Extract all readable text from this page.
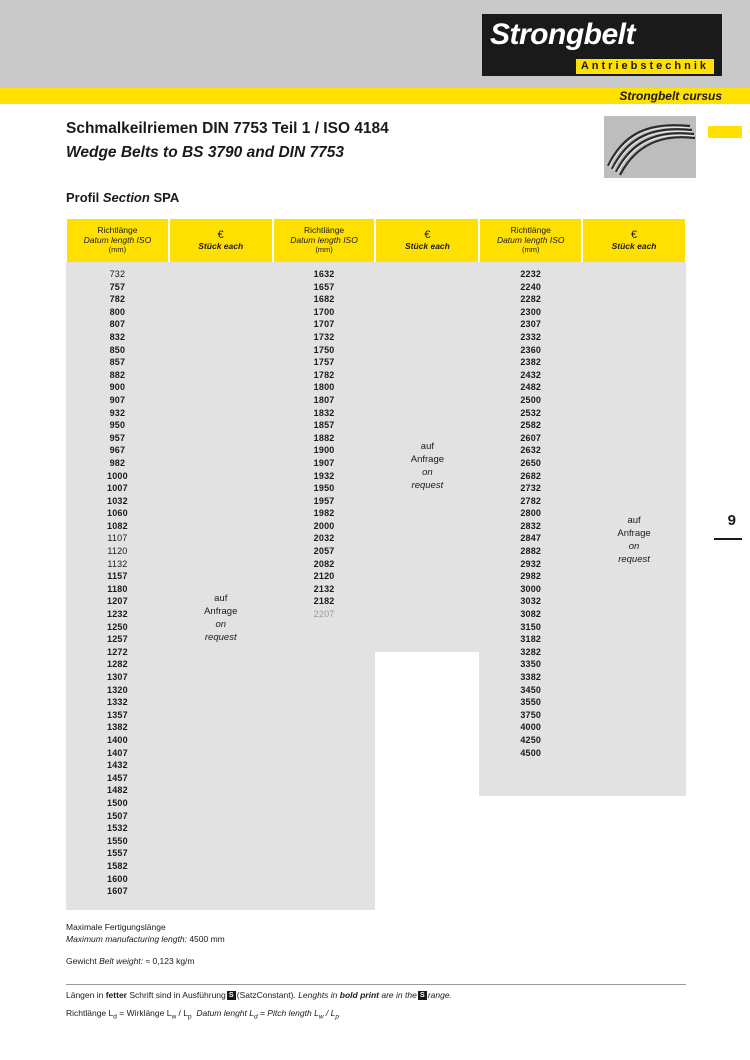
Strongbelt
Antriebstechnik
Strongbelt cursus
Schmalkeilriemen DIN 7753 Teil 1 / ISO 4184
Wedge Belts to BS 3790 and DIN 7753
Profil Section SPA
9
Richtlänge
Datum length ISO
(mm)
732
757
782
800
807
832
850
857
882
900
907
932
950
957
967
982
1000
1007
1032
1060
1082
1107
1120
1132
1157
1180
1207
1232
1250
1257
1272
1282
1307
1320
1332
1357
1382
1400
1407
1432
1457
1482
1500
1507
1532
1550
1557
1582
1600
1607
€
Stück each
auf
Anfrage
on
request
Richtlänge
Datum length ISO
(mm)
1632
1657
1682
1700
1707
1732
1750
1757
1782
1800
1807
1832
1857
1882
1900
1907
1932
1950
1957
1982
2000
2032
2057
2082
2120
2132
2182
2207
€
Stück each
auf
Anfrage
on
request
Richtlänge
Datum length ISO
(mm)
2232
2240
2282
2300
2307
2332
2360
2382
2432
2482
2500
2532
2582
2607
2632
2650
2682
2732
2782
2800
2832
2847
2882
2932
2982
3000
3032
3082
3150
3182
3282
3350
3382
3450
3550
3750
4000
4250
4500
€
Stück each
auf
Anfrage
on
request
Maximale Fertigungslänge
Maximum manufacturing length: 4500 mm
Gewicht Belt weight: ≈ 0,123 kg/m
Längen in fetter Schrift sind in Ausführung S (SatzConstant). Lenghts in bold print are in the S range.
Richtlänge $L_d$ = Wirklänge $L_w / L_p$ Datum lenght $L_d$ = Pitch length $L_w / L_p$
